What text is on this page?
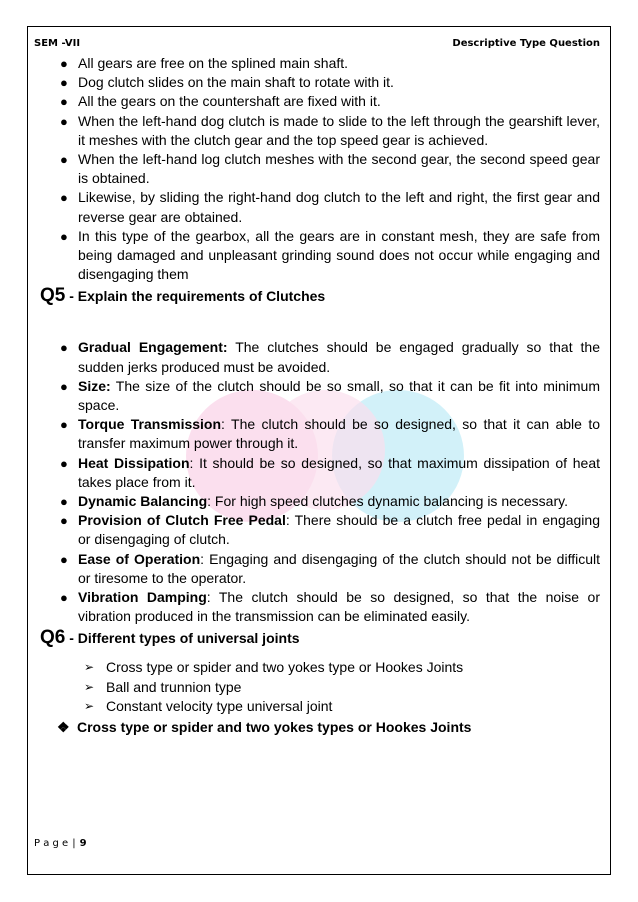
SEM -VII	Descriptive Type Question
● All gears are free on the splined main shaft.
● Dog clutch slides on the main shaft to rotate with it.
● All the gears on the countershaft are fixed with it.
● When the left-hand dog clutch is made to slide to the left through the gearshift lever, it meshes with the clutch gear and the top speed gear is achieved.
● When the left-hand log clutch meshes with the second gear, the second speed gear is obtained.
● Likewise, by sliding the right-hand dog clutch to the left and right, the first gear and reverse gear are obtained.
● In this type of the gearbox, all the gears are in constant mesh, they are safe from being damaged and unpleasant grinding sound does not occur while engaging and disengaging them
Q5 - Explain the requirements of Clutches
● Gradual Engagement: The clutches should be engaged gradually so that the sudden jerks produced must be avoided.
● Size: The size of the clutch should be so small, so that it can be fit into minimum space.
● Torque Transmission: The clutch should be so designed, so that it can able to transfer maximum power through it.
● Heat Dissipation: It should be so designed, so that maximum dissipation of heat takes place from it.
● Dynamic Balancing: For high speed clutches dynamic balancing is necessary.
● Provision of Clutch Free Pedal: There should be a clutch free pedal in engaging or disengaging of clutch.
● Ease of Operation: Engaging and disengaging of the clutch should not be difficult or tiresome to the operator.
● Vibration Damping: The clutch should be so designed, so that the noise or vibration produced in the transmission can be eliminated easily.
Q6 - Different types of universal joints
➢ Cross type or spider and two yokes type or Hookes Joints
➢ Ball and trunnion type
➢ Constant velocity type universal joint
❖ Cross type or spider and two yokes types or Hookes Joints
P a g e | 9
